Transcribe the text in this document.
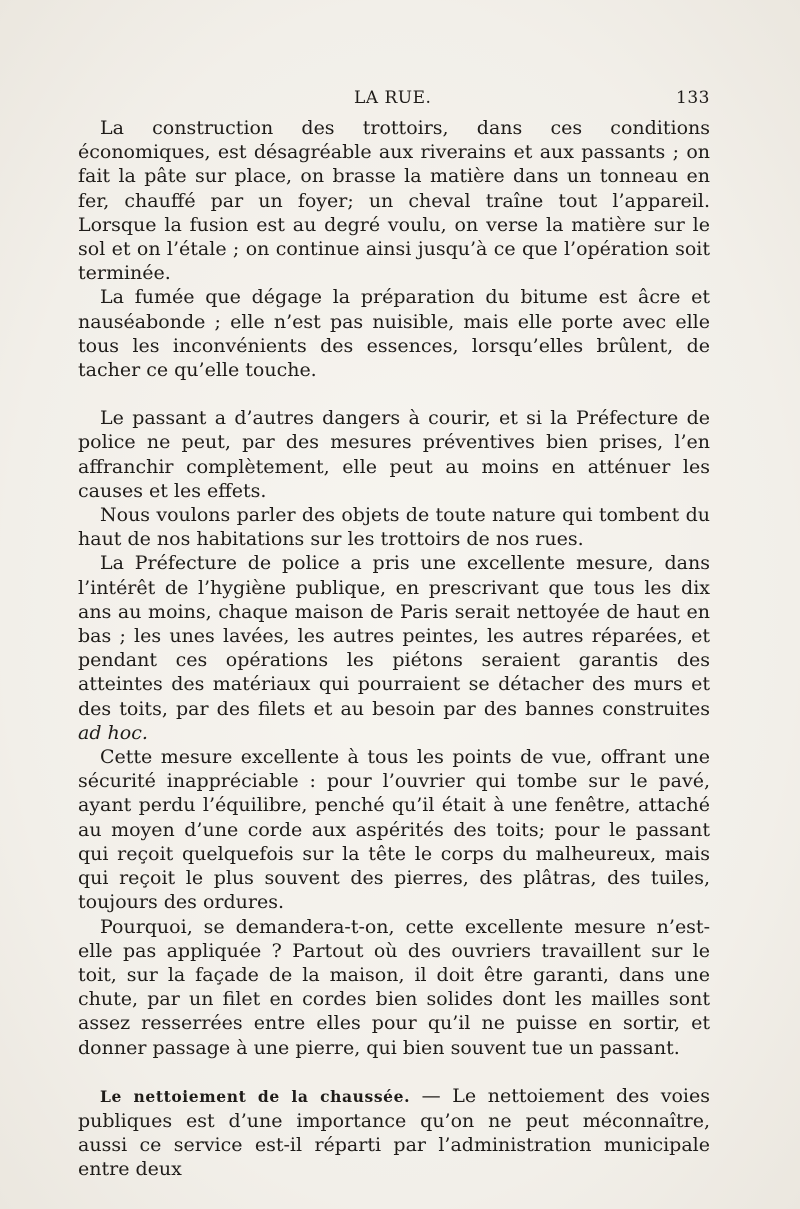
LA RUE.	133

La construction des trottoirs, dans ces conditions économiques, est désagréable aux riverains et aux passants ; on fait la pâte sur place, on brasse la matière dans un tonneau en fer, chauffé par un foyer; un cheval traîne tout l’appareil. Lorsque la fusion est au degré voulu, on verse la matière sur le sol et on l’étale ; on continue ainsi jusqu’à ce que l’opération soit terminée.

La fumée que dégage la préparation du bitume est âcre et nauséabonde ; elle n’est pas nuisible, mais elle porte avec elle tous les inconvénients des essences, lorsqu’elles brûlent, de tacher ce qu’elle touche.

Le passant a d’autres dangers à courir, et si la Préfecture de police ne peut, par des mesures préventives bien prises, l’en affranchir complètement, elle peut au moins en atténuer les causes et les effets.

Nous voulons parler des objets de toute nature qui tombent du haut de nos habitations sur les trottoirs de nos rues.

La Préfecture de police a pris une excellente mesure, dans l’intérêt de l’hygiène publique, en prescrivant que tous les dix ans au moins, chaque maison de Paris serait nettoyée de haut en bas ; les unes lavées, les autres peintes, les autres réparées, et pendant ces opérations les piétons seraient garantis des atteintes des matériaux qui pourraient se détacher des murs et des toits, par des filets et au besoin par des bannes construites ad hoc.

Cette mesure excellente à tous les points de vue, offrant une sécurité inappréciable : pour l’ouvrier qui tombe sur le pavé, ayant perdu l’équilibre, penché qu’il était à une fenêtre, attaché au moyen d’une corde aux aspérités des toits; pour le passant qui reçoit quelquefois sur la tête le corps du malheureux, mais qui reçoit le plus souvent des pierres, des plâtras, des tuiles, toujours des ordures.

Pourquoi, se demandera-t-on, cette excellente mesure n’est-elle pas appliquée ? Partout où des ouvriers travaillent sur le toit, sur la façade de la maison, il doit être garanti, dans une chute, par un filet en cordes bien solides dont les mailles sont assez resserrées entre elles pour qu’il ne puisse en sortir, et donner passage à une pierre, qui bien souvent tue un passant.

Le nettoiement de la chaussée. — Le nettoiement des voies publiques est d’une importance qu’on ne peut méconnaître, aussi ce service est-il réparti par l’administration municipale entre deux
